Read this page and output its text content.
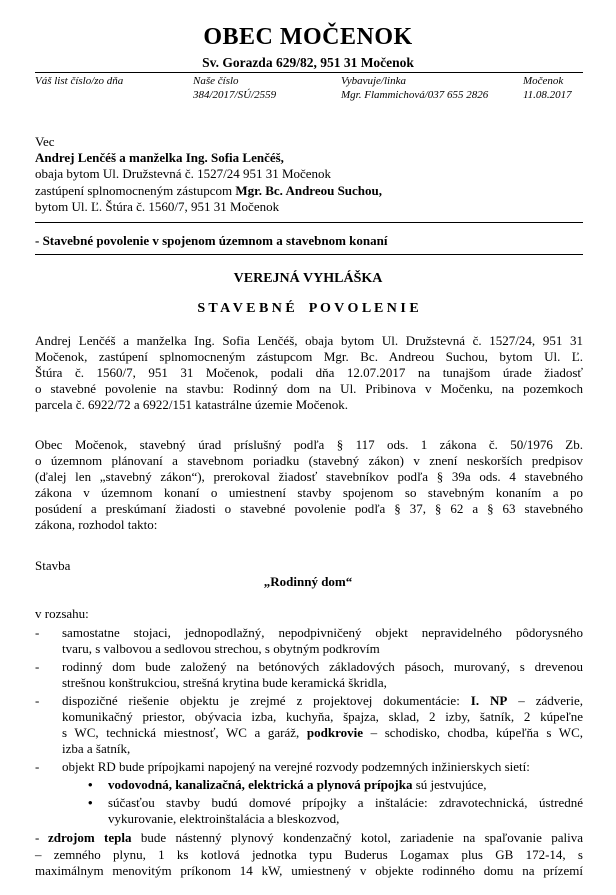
OBEC MOČENOK
Sv. Gorazda 629/82, 951 31 Močenok
Váš list číslo/zo dňa	Naše číslo
384/2017/SÚ/2559
Vybavuje/linka
Mgr. Flammichová/037 655 2826
Močenok
11.08.2017
Vec
Andrej Lenčéš a manželka Ing. Sofia Lenčéš,
obaja bytom Ul. Družstevná č. 1527/24 951 31 Močenok
zastúpení splnomocneným zástupcom Mgr. Bc. Andreou Suchou,
bytom Ul. Ľ. Štúra č. 1560/7, 951 31 Močenok
- Stavebné povolenie v spojenom územnom a stavebnom konaní
VEREJNÁ VYHLÁŠKA
S T A V E B N É    P O V O L E N I E
Andrej Lenčéš a manželka Ing. Sofia Lenčéš, obaja bytom Ul. Družstevná č. 1527/24, 951 31
Močenok, zastúpení splnomocneným zástupcom Mgr. Bc. Andreou Suchou, bytom Ul. Ľ.
Štúra č. 1560/7, 951 31 Močenok, podali dňa 12.07.2017 na tunajšom úrade žiadosť
o stavebné povolenie na stavbu: Rodinný dom na Ul. Pribinova v Močenku, na pozemkoch
parcela č. 6922/72 a 6922/151 katastrálne územie Močenok.
Obec Močenok, stavebný úrad príslušný podľa § 117 ods. 1 zákona č. 50/1976 Zb.
o územnom plánovaní a stavebnom poriadku (stavebný zákon) v znení neskorších predpisov
(ďalej len „stavebný zákon“), prerokoval žiadosť stavebníkov podľa § 39a ods. 4 stavebného
zákona v územnom konaní o umiestnení stavby spojenom so stavebným konaním a po
posúdení a preskúmaní žiadosti o stavebné povolenie podľa § 37, § 62 a § 63 stavebného
zákona, rozhodol takto:
Stavba
„Rodinný dom“
v rozsahu:
- samostatne stojaci, jednopodlažný, nepodpivničený objekt nepravidelného pôdorysného
tvaru, s valbovou a sedlovou strechou, s obytným podkrovím
- rodinný dom bude založený na betónových základových pásoch, murovaný, s drevenou
strešnou konštrukciou, strešná krytina bude keramická škridla,
- dispozičné riešenie objektu je zrejmé z projektovej dokumentácie: I. NP – zádverie,
komunikačný priestor, obývacia izba, kuchyňa, špajza, sklad, 2 izby, šatník, 2 kúpeľne
s WC, technická miestnosť, WC a garáž, podkrovie – schodisko, chodba, kúpeľňa s WC,
izba a šatník,
- objekt RD bude prípojkami napojený na verejné rozvody podzemných inžinierskych sietí:
• vodovodná, kanalizačná, elektrická a plynová prípojka sú jestvujúce,
• súčasťou stavby budú domové prípojky a inštalácie: zdravotechnická, ústredné
vykurovanie, elektroinštalácia a bleskozvod,
- zdrojom tepla bude nástenný plynový kondenzačný kotol, zariadenie na spaľovanie paliva
– zemného plynu, 1 ks kotlová jednotka typu Buderus Logamax plus GB 172-14, s
maximálnym menovitým príkonom 14 kW, umiestnený v objekte rodinného domu na prízemí
